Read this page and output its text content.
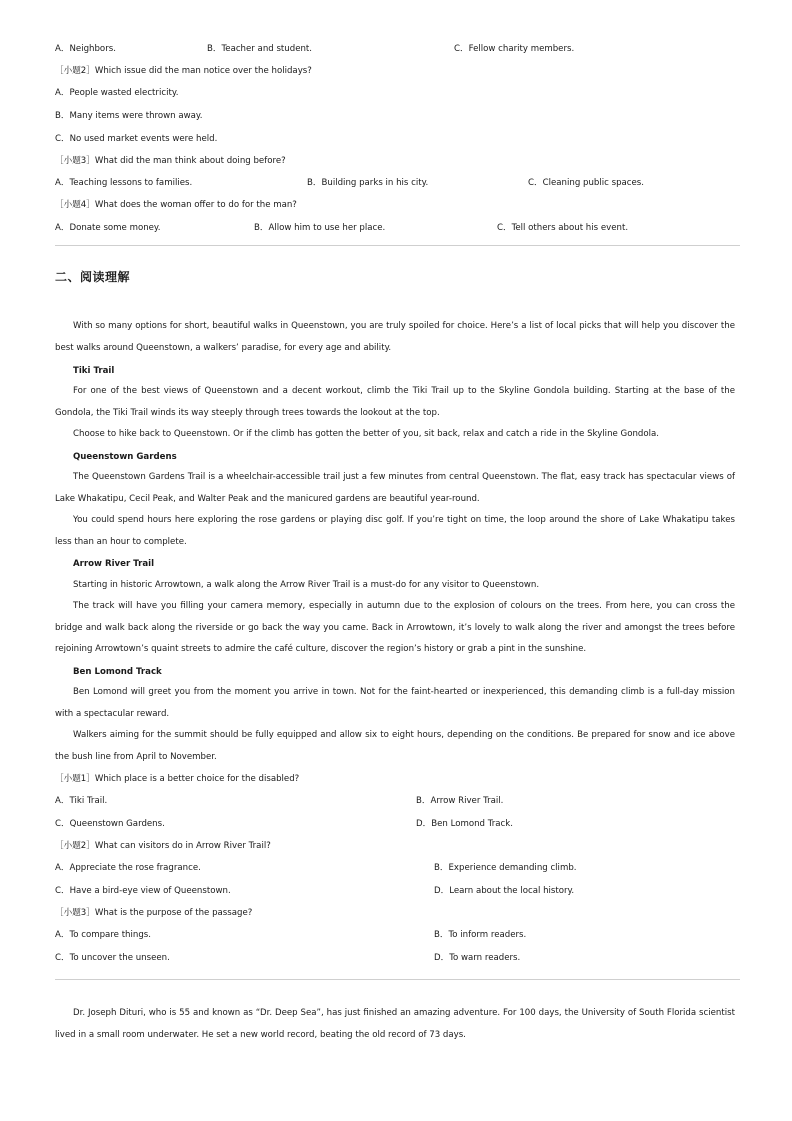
A．Neighbors.	B．Teacher and student.	C．Fellow charity members.
［小题2］Which issue did the man notice over the holidays?
A．People wasted electricity.
B．Many items were thrown away.
C．No used market events were held.
［小题3］What did the man think about doing before?
A．Teaching lessons to families.	B．Building parks in his city.	C．Cleaning public spaces.
［小题4］What does the woman offer to do for the man?
A．Donate some money.	B．Allow him to use her place.	C．Tell others about his event.
二、阅读理解
With so many options for short, beautiful walks in Queenstown, you are truly spoiled for choice. Here’s a list of local picks that will help you discover the best walks around Queenstown, a walkers’ paradise, for every age and ability.
Tiki Trail
For one of the best views of Queenstown and a decent workout, climb the Tiki Trail up to the Skyline Gondola building. Starting at the base of the Gondola, the Tiki Trail winds its way steeply through trees towards the lookout at the top.
Choose to hike back to Queenstown. Or if the climb has gotten the better of you, sit back, relax and catch a ride in the Skyline Gondola.
Queenstown Gardens
The Queenstown Gardens Trail is a wheelchair-accessible trail just a few minutes from central Queenstown. The flat, easy track has spectacular views of Lake Whakatipu, Cecil Peak, and Walter Peak and the manicured gardens are beautiful year-round.
You could spend hours here exploring the rose gardens or playing disc golf. If you’re tight on time, the loop around the shore of Lake Whakatipu takes less than an hour to complete.
Arrow River Trail
Starting in historic Arrowtown, a walk along the Arrow River Trail is a must-do for any visitor to Queenstown.
The track will have you filling your camera memory, especially in autumn due to the explosion of colours on the trees. From here, you can cross the bridge and walk back along the riverside or go back the way you came. Back in Arrowtown, it’s lovely to walk along the river and amongst the trees before rejoining Arrowtown’s quaint streets to admire the café culture, discover the region’s history or grab a pint in the sunshine.
Ben Lomond Track
Ben Lomond will greet you from the moment you arrive in town. Not for the faint-hearted or inexperienced, this demanding climb is a full-day mission with a spectacular reward.
Walkers aiming for the summit should be fully equipped and allow six to eight hours, depending on the conditions. Be prepared for snow and ice above the bush line from April to November.
［小题1］Which place is a better choice for the disabled?
A．Tiki Trail.	B．Arrow River Trail.
C．Queenstown Gardens.	D．Ben Lomond Track.
［小题2］What can visitors do in Arrow River Trail?
A．Appreciate the rose fragrance.	B．Experience demanding climb.
C．Have a bird-eye view of Queenstown.	D．Learn about the local history.
［小题3］What is the purpose of the passage?
A．To compare things.	B．To inform readers.
C．To uncover the unseen.	D．To warn readers.
Dr. Joseph Dituri, who is 55 and known as “Dr. Deep Sea”, has just finished an amazing adventure. For 100 days, the University of South Florida scientist lived in a small room underwater. He set a new world record, beating the old record of 73 days.
